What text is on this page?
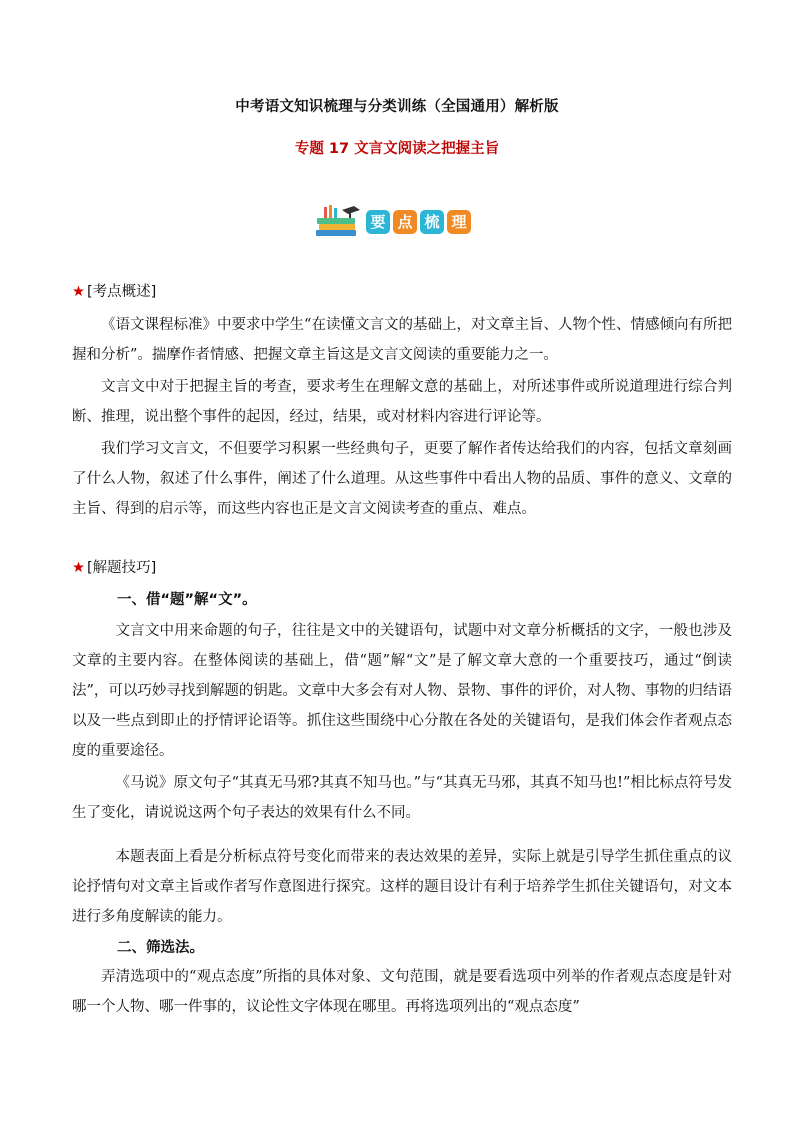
中考语文知识梳理与分类训练（全国通用）解析版
专题 17 文言文阅读之把握主旨
要 点 梳 理
★ [考点概述]
《语文课程标准》中要求中学生“在读懂文言文的基础上，对文章主旨、人物个性、情感倾向有所把握和分析”。揣摩作者情感、把握文章主旨这是文言文阅读的重要能力之一。
文言文中对于把握主旨的考查，要求考生在理解文意的基础上，对所述事件或所说道理进行综合判断、推理，说出整个事件的起因，经过，结果，或对材料内容进行评论等。
我们学习文言文，不但要学习积累一些经典句子，更要了解作者传达给我们的内容，包括文章刻画了什么人物，叙述了什么事件，阐述了什么道理。从这些事件中看出人物的品质、事件的意义、文章的主旨、得到的启示等，而这些内容也正是文言文阅读考查的重点、难点。
★ [解题技巧]
一、借“题”解“文”。
文言文中用来命题的句子，往往是文中的关键语句，试题中对文章分析概括的文字，一般也涉及文章的主要内容。在整体阅读的基础上，借“题”解“文”是了解文章大意的一个重要技巧，通过“倒读法”，可以巧妙寻找到解题的钥匙。文章中大多会有对人物、景物、事件的评价，对人物、事物的归结语以及一些点到即止的抒情评论语等。抓住这些围绕中心分散在各处的关键语句，是我们体会作者观点态度的重要途径。
《马说》原文句子“其真无马邪?其真不知马也。”与“其真无马邪，其真不知马也!”相比标点符号发生了变化，请说说这两个句子表达的效果有什么不同。
本题表面上看是分析标点符号变化而带来的表达效果的差异，实际上就是引导学生抓住重点的议论抒情句对文章主旨或作者写作意图进行探究。这样的题目设计有利于培养学生抓住关键语句，对文本进行多角度解读的能力。
二、筛选法。
弄清选项中的“观点态度”所指的具体对象、文句范围，就是要看选项中列举的作者观点态度是针对哪一个人物、哪一件事的，议论性文字体现在哪里。再将选项列出的“观点态度”
